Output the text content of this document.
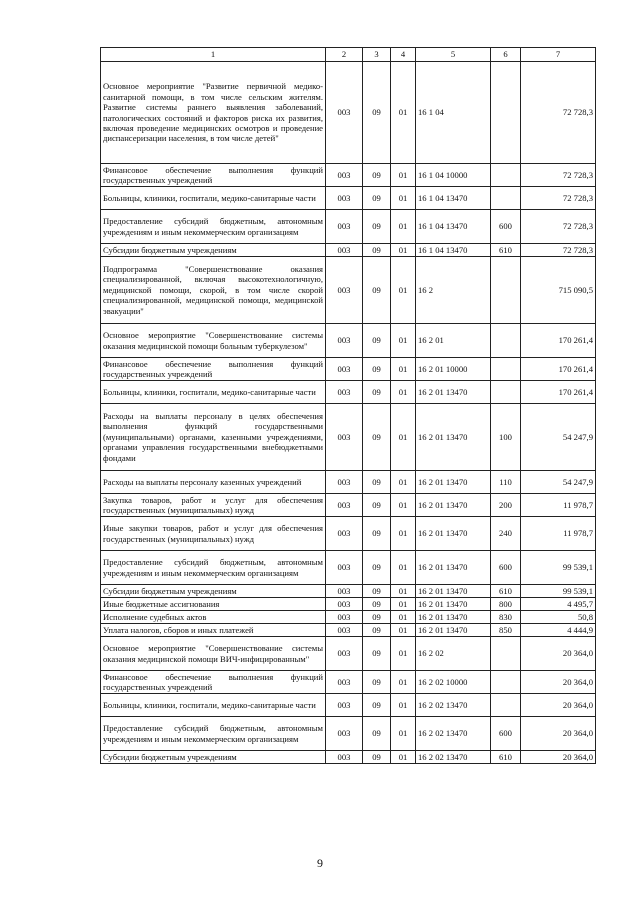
1	2	3	4	5	6	7
Основное мероприятие "Развитие первичной медико-санитарной помощи, в том числе сельским жителям. Развитие системы раннего выявления заболеваний, патологических состояний и факторов риска их развития, включая проведение медицинских осмотров и проведение диспансеризации населения, в том числе детей"	003	09	01	16 1 04		72 728,3
Финансовое обеспечение выполнения функций государственных учреждений	003	09	01	16 1 04 10000		72 728,3
Больницы, клиники, госпитали, медико-санитарные части	003	09	01	16 1 04 13470		72 728,3
Предоставление субсидий бюджетным, автономным учреждениям и иным некоммерческим организациям	003	09	01	16 1 04 13470	600	72 728,3
Субсидии бюджетным учреждениям	003	09	01	16 1 04 13470	610	72 728,3
Подпрограмма "Совершенствование оказания специализированной, включая высокотехнологичную, медицинской помощи, скорой, в том числе скорой специализированной, медицинской помощи, медицинской эвакуации"	003	09	01	16 2		715 090,5
Основное мероприятие "Совершенствование системы оказания медицинской помощи больным туберкулезом"	003	09	01	16 2 01		170 261,4
Финансовое обеспечение выполнения функций государственных учреждений	003	09	01	16 2 01 10000		170 261,4
Больницы, клиники, госпитали, медико-санитарные части	003	09	01	16 2 01 13470		170 261,4
Расходы на выплаты персоналу в целях обеспечения выполнения функций государственными (муниципальными) органами, казенными учреждениями, органами управления государственными внебюджетными фондами	003	09	01	16 2 01 13470	100	54 247,9
Расходы на выплаты персоналу казенных учреждений	003	09	01	16 2 01 13470	110	54 247,9
Закупка товаров, работ и услуг для обеспечения государственных (муниципальных) нужд	003	09	01	16 2 01 13470	200	11 978,7
Иные закупки товаров, работ и услуг для обеспечения государственных (муниципальных) нужд	003	09	01	16 2 01 13470	240	11 978,7
Предоставление субсидий бюджетным, автономным учреждениям и иным некоммерческим организациям	003	09	01	16 2 01 13470	600	99 539,1
Субсидии бюджетным учреждениям	003	09	01	16 2 01 13470	610	99 539,1
Иные бюджетные ассигнования	003	09	01	16 2 01 13470	800	4 495,7
Исполнение судебных актов	003	09	01	16 2 01 13470	830	50,8
Уплата налогов, сборов и иных платежей	003	09	01	16 2 01 13470	850	4 444,9
Основное мероприятие "Совершенствование системы оказания медицинской помощи ВИЧ-инфицированным"	003	09	01	16 2 02		20 364,0
Финансовое обеспечение выполнения функций государственных учреждений	003	09	01	16 2 02 10000		20 364,0
Больницы, клиники, госпитали, медико-санитарные части	003	09	01	16 2 02 13470		20 364,0
Предоставление субсидий бюджетным, автономным учреждениям и иным некоммерческим организациям	003	09	01	16 2 02 13470	600	20 364,0
Субсидии бюджетным учреждениям	003	09	01	16 2 02 13470	610	20 364,0
9
